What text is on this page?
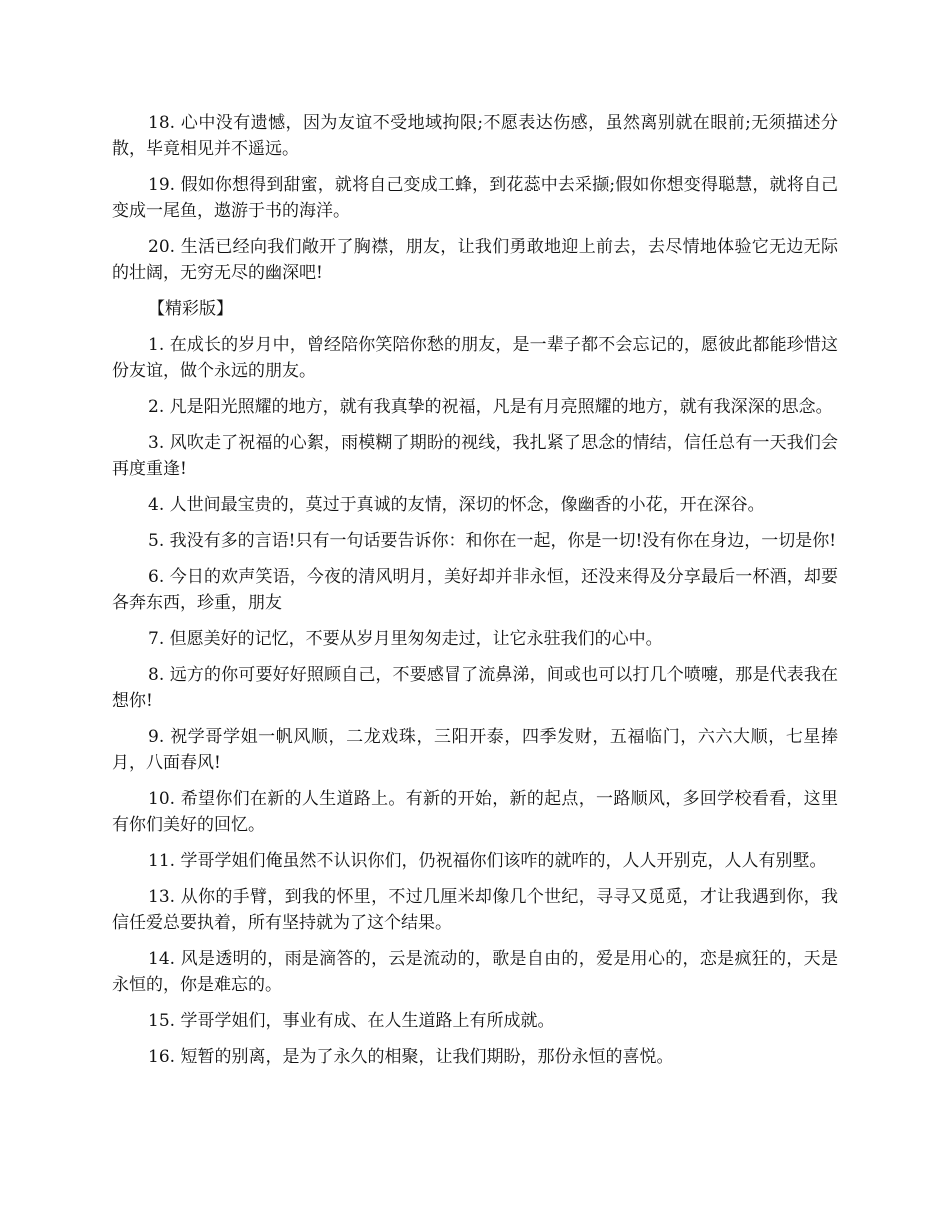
18. 心中没有遗憾，因为友谊不受地域拘限;不愿表达伤感，虽然离别就在眼前;无须描述分散，毕竟相见并不遥远。

19. 假如你想得到甜蜜，就将自己变成工蜂，到花蕊中去采撷;假如你想变得聪慧，就将自己变成一尾鱼，遨游于书的海洋。

20. 生活已经向我们敞开了胸襟，朋友，让我们勇敢地迎上前去，去尽情地体验它无边无际的壮阔，无穷无尽的幽深吧!

【精彩版】

1. 在成长的岁月中，曾经陪你笑陪你愁的朋友，是一辈子都不会忘记的，愿彼此都能珍惜这份友谊，做个永远的朋友。

2. 凡是阳光照耀的地方，就有我真挚的祝福，凡是有月亮照耀的地方，就有我深深的思念。

3. 风吹走了祝福的心絮，雨模糊了期盼的视线，我扎紧了思念的情结，信任总有一天我们会再度重逢!

4. 人世间最宝贵的，莫过于真诚的友情，深切的怀念，像幽香的小花，开在深谷。

5. 我没有多的言语!只有一句话要告诉你：和你在一起，你是一切!没有你在身边，一切是你!

6. 今日的欢声笑语，今夜的清风明月，美好却并非永恒，还没来得及分享最后一杯酒，却要各奔东西，珍重，朋友

7. 但愿美好的记忆，不要从岁月里匆匆走过，让它永驻我们的心中。

8. 远方的你可要好好照顾自己，不要感冒了流鼻涕，间或也可以打几个喷嚏，那是代表我在想你!

9. 祝学哥学姐一帆风顺，二龙戏珠，三阳开泰，四季发财，五福临门，六六大顺，七星捧月，八面春风!

10. 希望你们在新的人生道路上。有新的开始，新的起点，一路顺风，多回学校看看，这里有你们美好的回忆。

11. 学哥学姐们俺虽然不认识你们，仍祝福你们该咋的就咋的，人人开别克，人人有别墅。

13. 从你的手臂，到我的怀里，不过几厘米却像几个世纪，寻寻又觅觅，才让我遇到你，我信任爱总要执着，所有坚持就为了这个结果。

14. 风是透明的，雨是滴答的，云是流动的，歌是自由的，爱是用心的，恋是疯狂的，天是永恒的，你是难忘的。

15. 学哥学姐们，事业有成、在人生道路上有所成就。

16. 短暂的别离，是为了永久的相聚，让我们期盼，那份永恒的喜悦。
